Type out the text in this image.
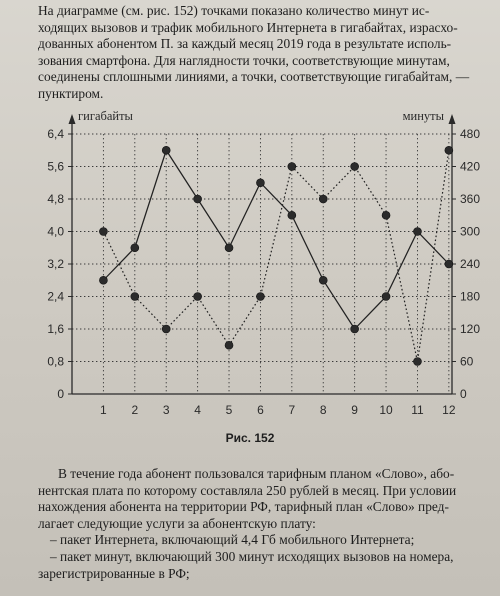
На диаграмме (см. рис. 152) точками показано количество минут ис-
ходящих вызовов и трафик мобильного Интернета в гигабайтах, израсхо-
дованных абонентом П. за каждый месяц 2019 года в результате исполь-
зования смартфона. Для наглядности точки, соответствующие минутам,
соединены сплошными линиями, а точки, соответствующие гигабайтам, —
пунктиром.

0	0
0,8	60
1,6	120
2,4	180
3,2	240
4,0	300
4,8	360
5,6	420
6,4	480
1 2 3 4 5 6 7 8 9 10 11 12
гигабайты	минуты
Рис. 152

В течение года абонент пользовался тарифным планом «Слово», або-
нентская плата по которому составляла 250 рублей в месяц. При условии
нахождения абонента на территории РФ, тарифный план «Слово» пред-
лагает следующие услуги за абонентскую плату:
– пакет Интернета, включающий 4,4 Гб мобильного Интернета;
– пакет минут, включающий 300 минут исходящих вызовов на номера,
зарегистрированные в РФ;
